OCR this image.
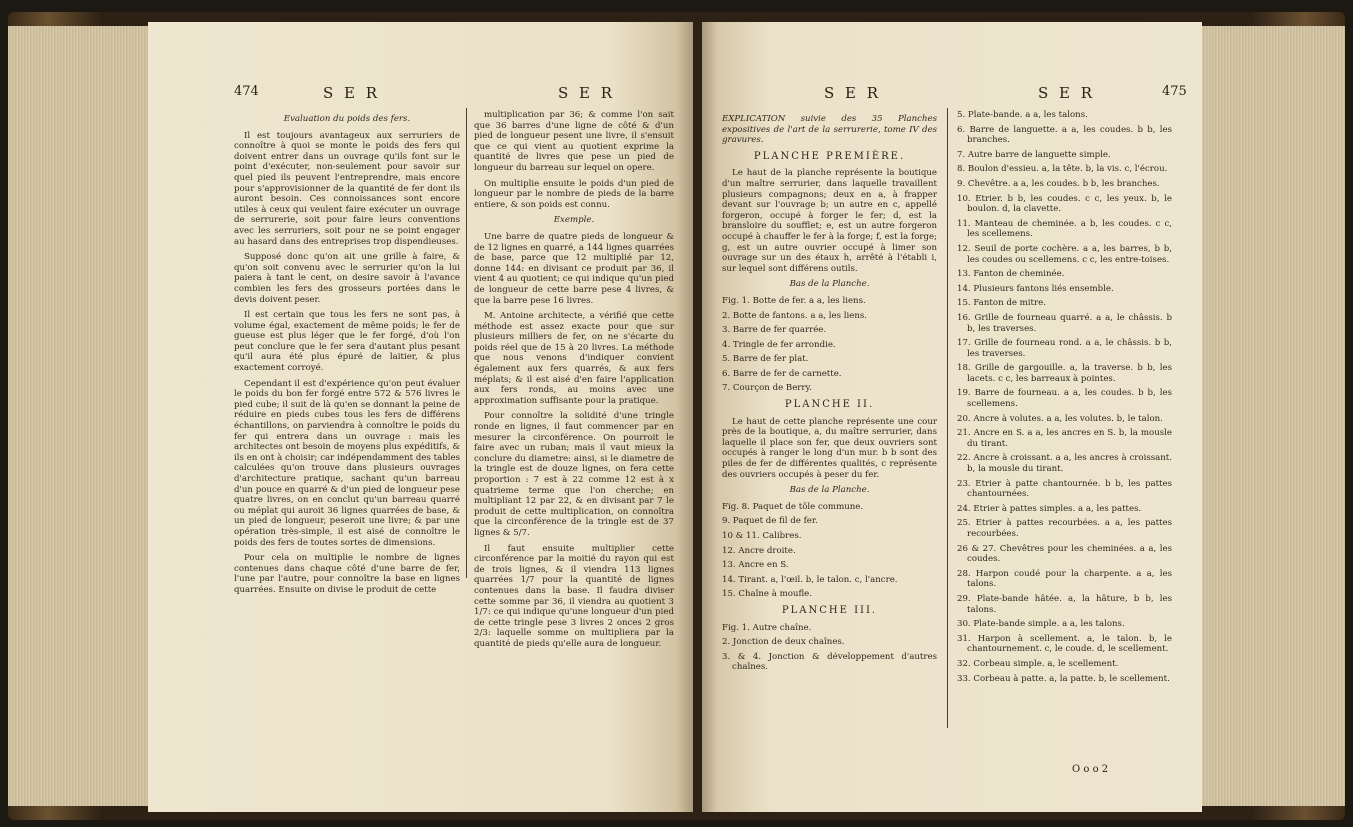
474	S E R	S E R

Evaluation du poids des fers.

Il est toujours avantageux aux serruriers de connoître à quoi se monte le poids des fers qui doivent entrer dans un ouvrage qu'ils font sur le point d'exécuter, non-seulement pour savoir sur quel pied ils peuvent l'entreprendre, mais encore pour s'approvisionner de la quantité de fer dont ils auront besoin. Ces connoissances sont encore utiles à ceux qui veulent faire exécuter un ouvrage de serrurerie, soit pour faire leurs conventions avec les serruriers, soit pour ne se point engager au hasard dans des entreprises trop dispendieuses.

Supposé donc qu'on ait une grille à faire, & qu'on soit convenu avec le serrurier qu'on la lui paiera à tant le cent, on desire savoir à l'avance combien les fers des grosseurs portées dans le devis doivent peser.

Il est certain que tous les fers ne sont pas, à volume égal, exactement de même poids; le fer de gueuse est plus léger que le fer forgé, d'où l'on peut conclure que le fer sera d'autant plus pesant qu'il aura été plus épuré de laitier, & plus exactement corroyé.

Cependant il est d'expérience qu'on peut évaluer le poids du bon fer forgé entre 572 & 576 livres le pied cube; il suit de là qu'en se donnant la peine de réduire en pieds cubes tous les fers de différens échantillons, on parviendra à connoître le poids du fer qui entrera dans un ouvrage : mais les architectes ont besoin de moyens plus expéditifs, & ils en ont à choisir; car indépendamment des tables calculées qu'on trouve dans plusieurs ouvrages d'architecture pratique, sachant qu'un barreau d'un pouce en quarré & d'un pied de longueur pese quatre livres, on en conclut qu'un barreau quarré ou méplat qui auroit 36 lignes quarrées de base, & un pied de longueur, peseroit une livre; & par une opération très-simple, il est aisé de connoître le poids des fers de toutes sortes de dimensions.

Pour cela on multiplie le nombre de lignes contenues dans chaque côté d'une barre de fer, l'une par l'autre, pour connoître la base en lignes quarrées. Ensuite on divise le produit de cette

multiplication par 36; & comme l'on sait que 36 barres d'une ligne de côté & d'un pied de longueur pesent une livre, il s'ensuit que ce qui vient au quotient exprime la quantité de livres que pese un pied de longueur du barreau sur lequel on opere.

On multiplie ensuite le poids d'un pied de longueur par le nombre de pieds de la barre entiere, & son poids est connu.

Exemple.

Une barre de quatre pieds de longueur & de 12 lignes en quarré, a 144 lignes quarrées de base, parce que 12 multiplié par 12, donne 144: en divisant ce produit par 36, il vient 4 au quotient; ce qui indique qu'un pied de longueur de cette barre pese 4 livres, & que la barre pese 16 livres.

M. Antoine architecte, a vérifié que cette méthode est assez exacte pour que sur plusieurs milliers de fer, on ne s'écarte du poids réel que de 15 à 20 livres. La méthode que nous venons d'indiquer convient également aux fers quarrés, & aux fers méplats; & il est aisé d'en faire l'application aux fers ronds, au moins avec une approximation suffisante pour la pratique.

Pour connoître la solidité d'une tringle ronde en lignes, il faut commencer par en mesurer la circonférence. On pourroit le faire avec un ruban; mais il vaut mieux la conclure du diametre: ainsi, si le diametre de la tringle est de douze lignes, on fera cette proportion : 7 est à 22 comme 12 est à x quatrieme terme que l'on cherche; en multipliant 12 par 22, & en divisant par 7 le produit de cette multiplication, on connoîtra que la circonférence de la tringle est de 37 lignes & 5/7.

Il faut ensuite multiplier cette circonférence par la moitié du rayon qui est de trois lignes, & il viendra 113 lignes quarrées 1/7 pour la quantité de lignes contenues dans la base. Il faudra diviser cette somme par 36, il viendra au quotient 3 1/7: ce qui indique qu'une longueur d'un pied de cette tringle pese 3 livres 2 onces 2 gros 2/3: laquelle somme on multipliera par la quantité de pieds qu'elle aura de longueur.

S E R	S E R	475

EXPLICATION suivie des 35 Planches expositives de l'art de la serrurerie, tome IV des gravures.

PLANCHE PREMIÈRE.

Le haut de la planche représente la boutique d'un maître serrurier, dans laquelle travaillent plusieurs compagnons; deux en a, à frapper devant sur l'ouvrage b; un autre en c, appellé forgeron, occupé à forger le fer; d, est la bransloire du soufflet; e, est un autre forgeron occupé à chauffer le fer à la forge; f, est la forge; g, est un autre ouvrier occupé à limer son ouvrage sur un des étaux h, arrêté à l'établi i, sur lequel sont différens outils.

Bas de la Planche.

Fig. 1. Botte de fer. a a, les liens.

2. Botte de fantons. a a, les liens.

3. Barre de fer quarrée.

4. Tringle de fer arrondie.

5. Barre de fer plat.

6. Barre de fer de carnette.

7. Courçon de Berry.

PLANCHE II.

Le haut de cette planche représente une cour près de la boutique, a, du maître serrurier, dans laquelle il place son fer, que deux ouvriers sont occupés à ranger le long d'un mur. b b sont des piles de fer de différentes qualités, c représente des ouvriers occupés à peser du fer.

Bas de la Planche.

Fig. 8. Paquet de tôle commune.

9. Paquet de fil de fer.

10 & 11. Calibres.

12. Ancre droite.

13. Ancre en S.

14. Tirant. a, l'œil. b, le talon. c, l'ancre.

15. Chaîne à moufle.

PLANCHE III.

Fig. 1. Autre chaîne.

2. Jonction de deux chaînes.

3. & 4. Jonction & développement d'autres chaînes.

5. Plate-bande. a a, les talons.

6. Barre de languette. a a, les coudes. b b, les branches.

7. Autre barre de languette simple.

8. Boulon d'essieu. a, la tête. b, la vis. c, l'écrou.

9. Chevêtre. a a, les coudes. b b, les branches.

10. Etrier. b b, les coudes. c c, les yeux. b, le boulon. d, la clavette.

11. Manteau de cheminée. a b, les coudes. c c, les scellemens.

12. Seuil de porte cochère. a a, les barres, b b, les coudes ou scellemens. c c, les entre-toises.

13. Fanton de cheminée.

14. Plusieurs fantons liés ensemble.

15. Fanton de mitre.

16. Grille de fourneau quarré. a a, le châssis. b b, les traverses.

17. Grille de fourneau rond. a a, le châssis. b b, les traverses.

18. Grille de gargouille. a, la traverse. b b, les lacets. c c, les barreaux à pointes.

19. Barre de fourneau. a a, les coudes. b b, les scellemens.

20. Ancre à volutes. a a, les volutes. b, le talon.

21. Ancre en S. a a, les ancres en S. b, la mousle du tirant.

22. Ancre à croissant. a a, les ancres à croissant. b, la mousle du tirant.

23. Etrier à patte chantournée. b b, les pattes chantournées.

24. Etrier à pattes simples. a a, les pattes.

25. Etrier à pattes recourbées. a a, les pattes recourbées.

26 & 27. Chevêtres pour les cheminées. a a, les coudes.

28. Harpon coudé pour la charpente. a a, les talons.

29. Plate-bande hâtée. a, la hâture, b b, les talons.

30. Plate-bande simple. a a, les talons.

31. Harpon à scellement. a, le talon. b, le chantournement. c, le coude. d, le scellement.

32. Corbeau simple. a, le scellement.

33. Corbeau à patte. a, la patte. b, le scellement.

O o o 2
